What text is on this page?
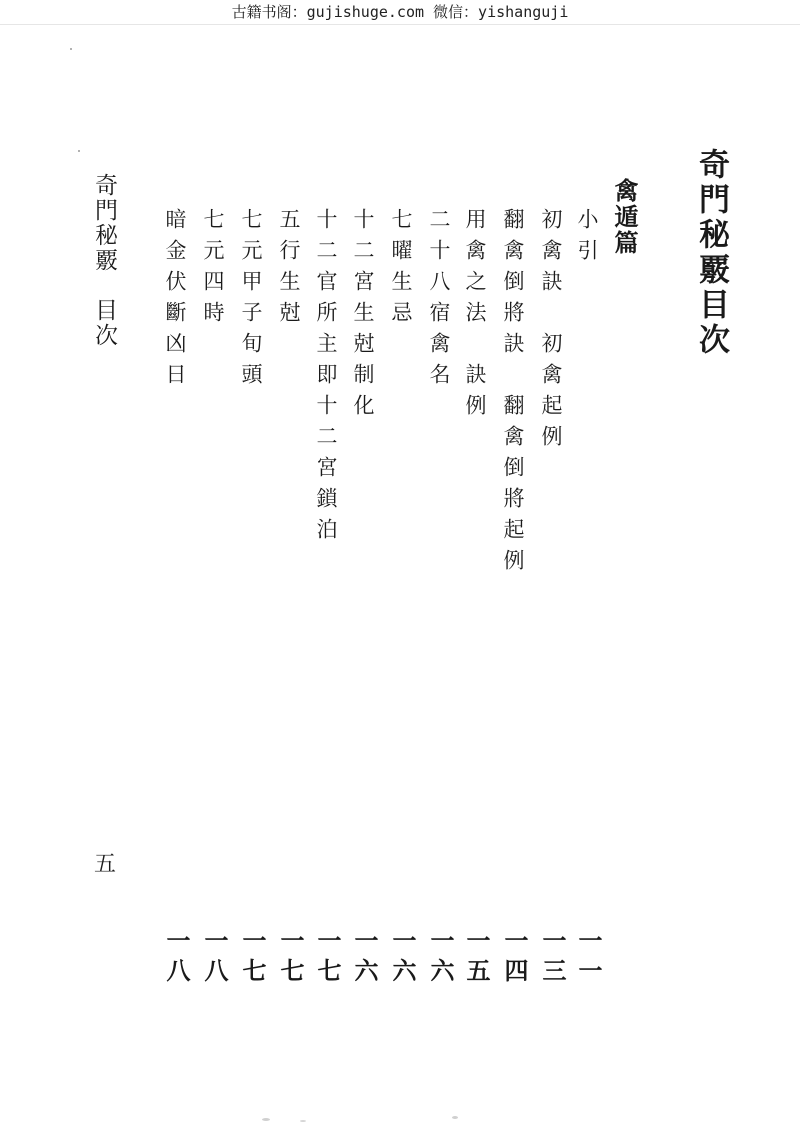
古籍书阁：gujishuge.com 微信：yishanguji
奇門秘覈目次
禽遁篇
小引
初禽訣　初禽起例
翻禽倒將訣　翻禽倒將起例
用禽之法　訣例
二十八宿禽名
七曜生忌
十二宮生尅制化
十二官所主即十二宮鎖泊
五行生尅
七元甲子旬頭
七元四時
暗金伏斷凶日
一一
一三
一四
一五
一六
一六
一六
一七
一七
一七
一八
一八
奇門秘覈　目次
五
